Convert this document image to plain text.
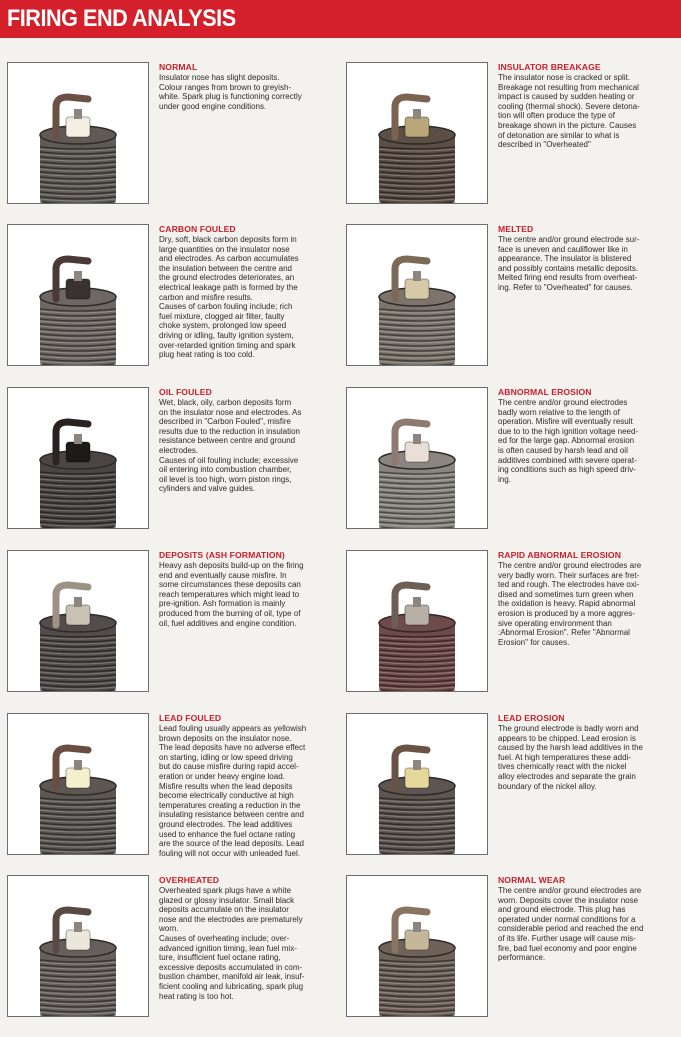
FIRING END ANALYSIS
NORMAL

Insulator nose has slight deposits.
Colour ranges from brown to greyish-
white. Spark plug is functioning correctly
under good engine conditions.

INSULATOR BREAKAGE

The insulator nose is cracked or split.
Breakage not resulting from mechanical
impact is caused by sudden heating or
cooling (thermal shock). Severe detona-
tion will often produce the type of
breakage shown in the picture. Causes
of detonation are similar to what is
described in "Overheated"

CARBON FOULED

Dry, soft, black carbon deposits form in
large quantities on the insulator nose
and electrodes. As carbon accumulates
the insulation between the centre and
the ground electrodes deteriorates, an
electrical leakage path is formed by the
carbon and misfire results.
Causes of carbon fouling include; rich
fuel mixture, clogged air filter, faulty
choke system, prolonged low speed
driving or idling, faulty ignition system,
over-retarded ignition timing and spark
plug heat rating is too cold.

MELTED

The centre and/or ground electrode sur-
face is uneven and cauliflower like in
appearance. The insulator is blistered
and possibly contains metallic deposits.
Melted firing end results from overheat-
ing. Refer to "Overheated" for causes.

OIL FOULED

Wet, black, oily, carbon deposits form
on the insulator nose and electrodes. As
described in "Carbon Fouled", misfire
results due to the reduction in insulation
resistance between centre and ground
electrodes.
Causes of oil fouling include; excessive
oil entering into combustion chamber,
oil level is too high, worn piston rings,
cylinders and valve guides.

ABNORMAL EROSION

The centre and/or ground electrodes
badly worn relative to the length of
operation. Misfire will eventually result
due to to the high ignition voltage need-
ed for the large gap. Abnormal erosion
is often caused by harsh lead and oil
additives combined with severe operat-
ing conditions such as high speed driv-
ing.

DEPOSITS (ASH FORMATION)

Heavy ash deposits build-up on the firing
end and eventually cause misfire. In
some circumstances these deposits can
reach temperatures which might lead to
pre-ignition. Ash formation is mainly
produced from the burning of oil, type of
oil, fuel additives and engine condition.

RAPID ABNORMAL EROSION

The centre and/or ground electrodes are
very badly worn. Their surfaces are fret-
ted and rough. The electrodes have oxi-
dised and sometimes turn green when
the oxidation is heavy. Rapid abnormal
erosion is produced by a more aggres-
sive operating environment than
:Abnormal Erosion". Refer "Abnormal
Erosion" for causes.

LEAD FOULED

Lead fouling usually appears as yellowish
brown deposits on the insulator nose.
The lead deposits have no adverse effect
on starting, idling or low speed driving
but do cause misfire during rapid accel-
eration or under heavy engine load.
Misfire results when the lead deposits
become electrically conductive at high
temperatures creating a reduction in the
insulating resistance between centre and
ground electrodes. The lead additives
used to enhance the fuel octane rating
are the source of the lead deposits. Lead
fouling will not occur with unleaded fuel.

LEAD EROSION

The ground electrode is badly worn and
appears to be chipped. Lead erosion is
caused by the harsh lead additives in the
fuel. At high temperatures these addi-
tives chemically react with the nickel
alloy electrodes and separate the grain
boundary of the nickel alloy.

OVERHEATED

Overheated spark plugs have a white
glazed or glossy insulator. Small black
deposits accumulate on the insulator
nose and the electrodes are prematurely
worn.
Causes of overheating include; over-
advanced ignition timing, lean fuel mix-
ture, insufficient fuel octane rating,
excessive deposits accumulated in com-
bustion chamber, manifold air leak, insuf-
ficient cooling and lubricating, spark plug
heat rating is too hot.

NORMAL WEAR

The centre and/or ground electrodes are
worn. Deposits cover the insulator nose
and ground electrode. This plug has
operated under normal conditions for a
considerable period and reached the end
of its life. Further usage will cause mis-
fire, bad fuel economy and poor engine
performance.
